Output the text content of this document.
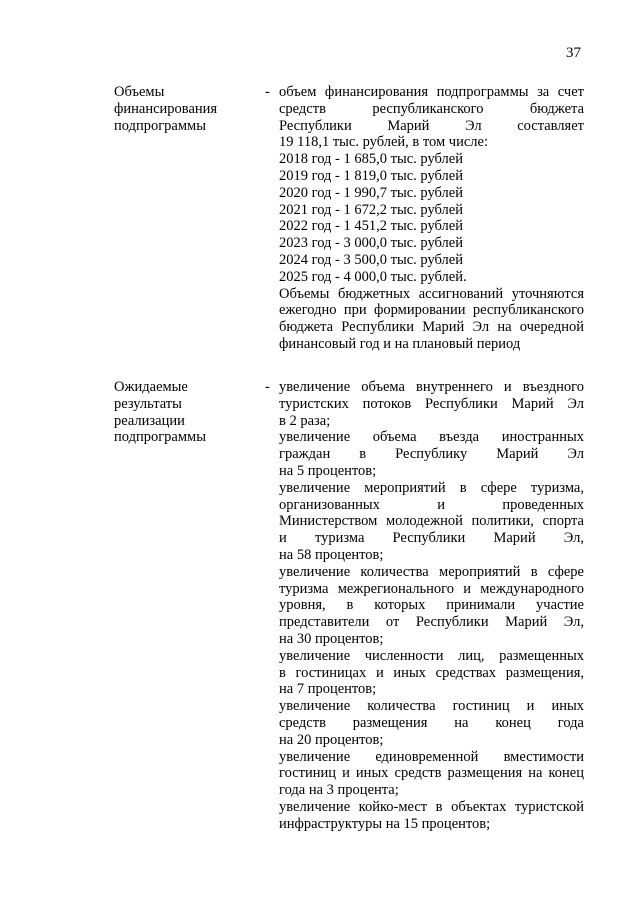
37
Объемы
финансирования
подпрограммы
- объем финансирования подпрограммы за счет
средств республиканского бюджета
Республики Марий Эл составляет
19 118,1 тыс. рублей, в том числе:
2018 год - 1 685,0 тыс. рублей
2019 год - 1 819,0 тыс. рублей
2020 год - 1 990,7 тыс. рублей
2021 год - 1 672,2 тыс. рублей
2022 год - 1 451,2 тыс. рублей
2023 год - 3 000,0 тыс. рублей
2024 год - 3 500,0 тыс. рублей
2025 год - 4 000,0 тыс. рублей.
Объемы бюджетных ассигнований уточняются
ежегодно при формировании республиканского
бюджета Республики Марий Эл на очередной
финансовый год и на плановый период
Ожидаемые
результаты
реализации
подпрограммы
- увеличение объема внутреннего и въездного
туристских потоков Республики Марий Эл
в 2 раза;
увеличение объема въезда иностранных
граждан в Республику Марий Эл
на 5 процентов;
увеличение мероприятий в сфере туризма,
организованных и проведенных
Министерством молодежной политики, спорта
и туризма Республики Марий Эл,
на 58 процентов;
увеличение количества мероприятий в сфере
туризма межрегионального и международного
уровня, в которых принимали участие
представители от Республики Марий Эл,
на 30 процентов;
увеличение численности лиц, размещенных
в гостиницах и иных средствах размещения,
на 7 процентов;
увеличение количества гостиниц и иных
средств размещения на конец года
на 20 процентов;
увеличение единовременной вместимости
гостиниц и иных средств размещения на конец
года на 3 процента;
увеличение койко-мест в объектах туристской
инфраструктуры на 15 процентов;
